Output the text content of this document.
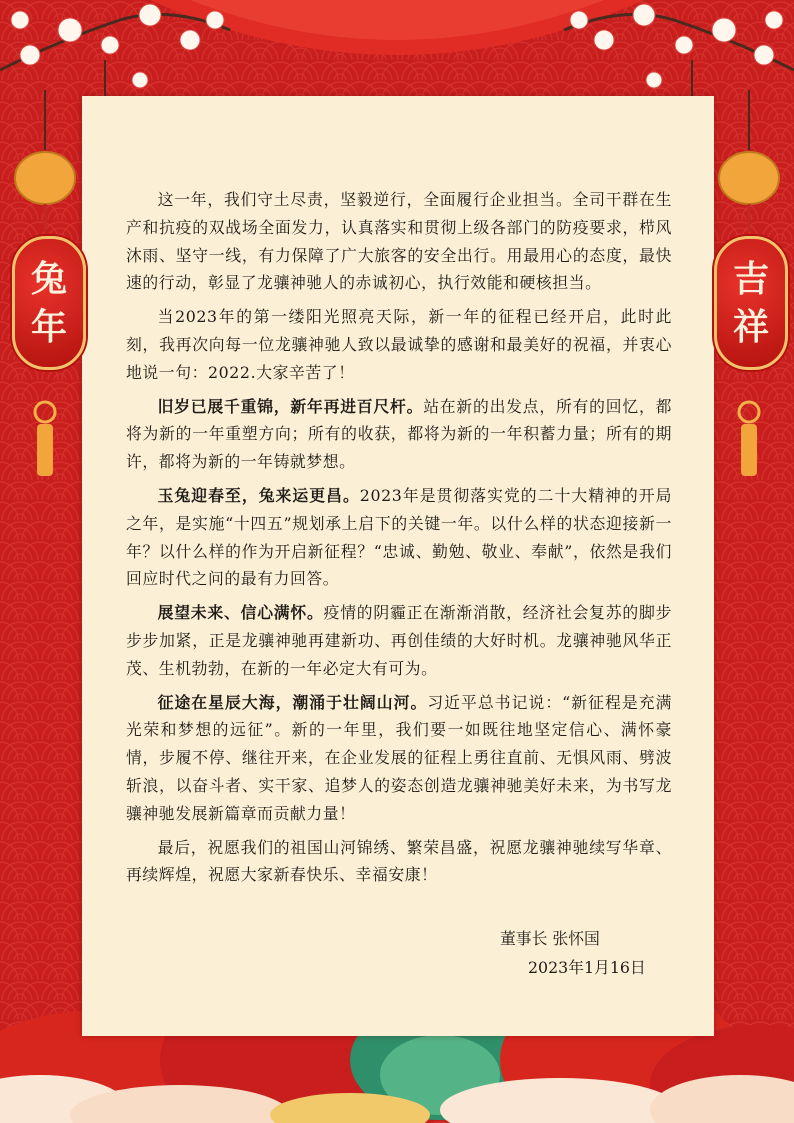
兔
年
吉
祥

这一年，我们守土尽责，坚毅逆行，全面履行企业担当。全司干群在生产和抗疫的双战场全面发力，认真落实和贯彻上级各部门的防疫要求，栉风沐雨、坚守一线，有力保障了广大旅客的安全出行。用最用心的态度，最快速的行动，彰显了龙骧神驰人的赤诚初心，执行效能和硬核担当。

当2023年的第一缕阳光照亮天际，新一年的征程已经开启，此时此刻，我再次向每一位龙骧神驰人致以最诚挚的感谢和最美好的祝福，并衷心地说一句：2022.大家辛苦了！

旧岁已展千重锦，新年再进百尺杆。站在新的出发点，所有的回忆，都将为新的一年重塑方向；所有的收获，都将为新的一年积蓄力量；所有的期许，都将为新的一年铸就梦想。

玉兔迎春至，兔来运更昌。2023年是贯彻落实党的二十大精神的开局之年，是实施“十四五”规划承上启下的关键一年。以什么样的状态迎接新一年？以什么样的作为开启新征程？“忠诚、勤勉、敬业、奉献”，依然是我们回应时代之问的最有力回答。

展望未来、信心满怀。疫情的阴霾正在渐渐消散，经济社会复苏的脚步步步加紧，正是龙骧神驰再建新功、再创佳绩的大好时机。龙骧神驰风华正茂、生机勃勃，在新的一年必定大有可为。

征途在星辰大海，潮涌于壮阔山河。习近平总书记说：“新征程是充满光荣和梦想的远征”。新的一年里，我们要一如既往地坚定信心、满怀豪情，步履不停、继往开来，在企业发展的征程上勇往直前、无惧风雨、劈波斩浪，以奋斗者、实干家、追梦人的姿态创造龙骧神驰美好未来，为书写龙骧神驰发展新篇章而贡献力量！

最后，祝愿我们的祖国山河锦绣、繁荣昌盛，祝愿龙骧神驰续写华章、再续辉煌，祝愿大家新春快乐、幸福安康！

董事长 张怀国
2023年1月16日
